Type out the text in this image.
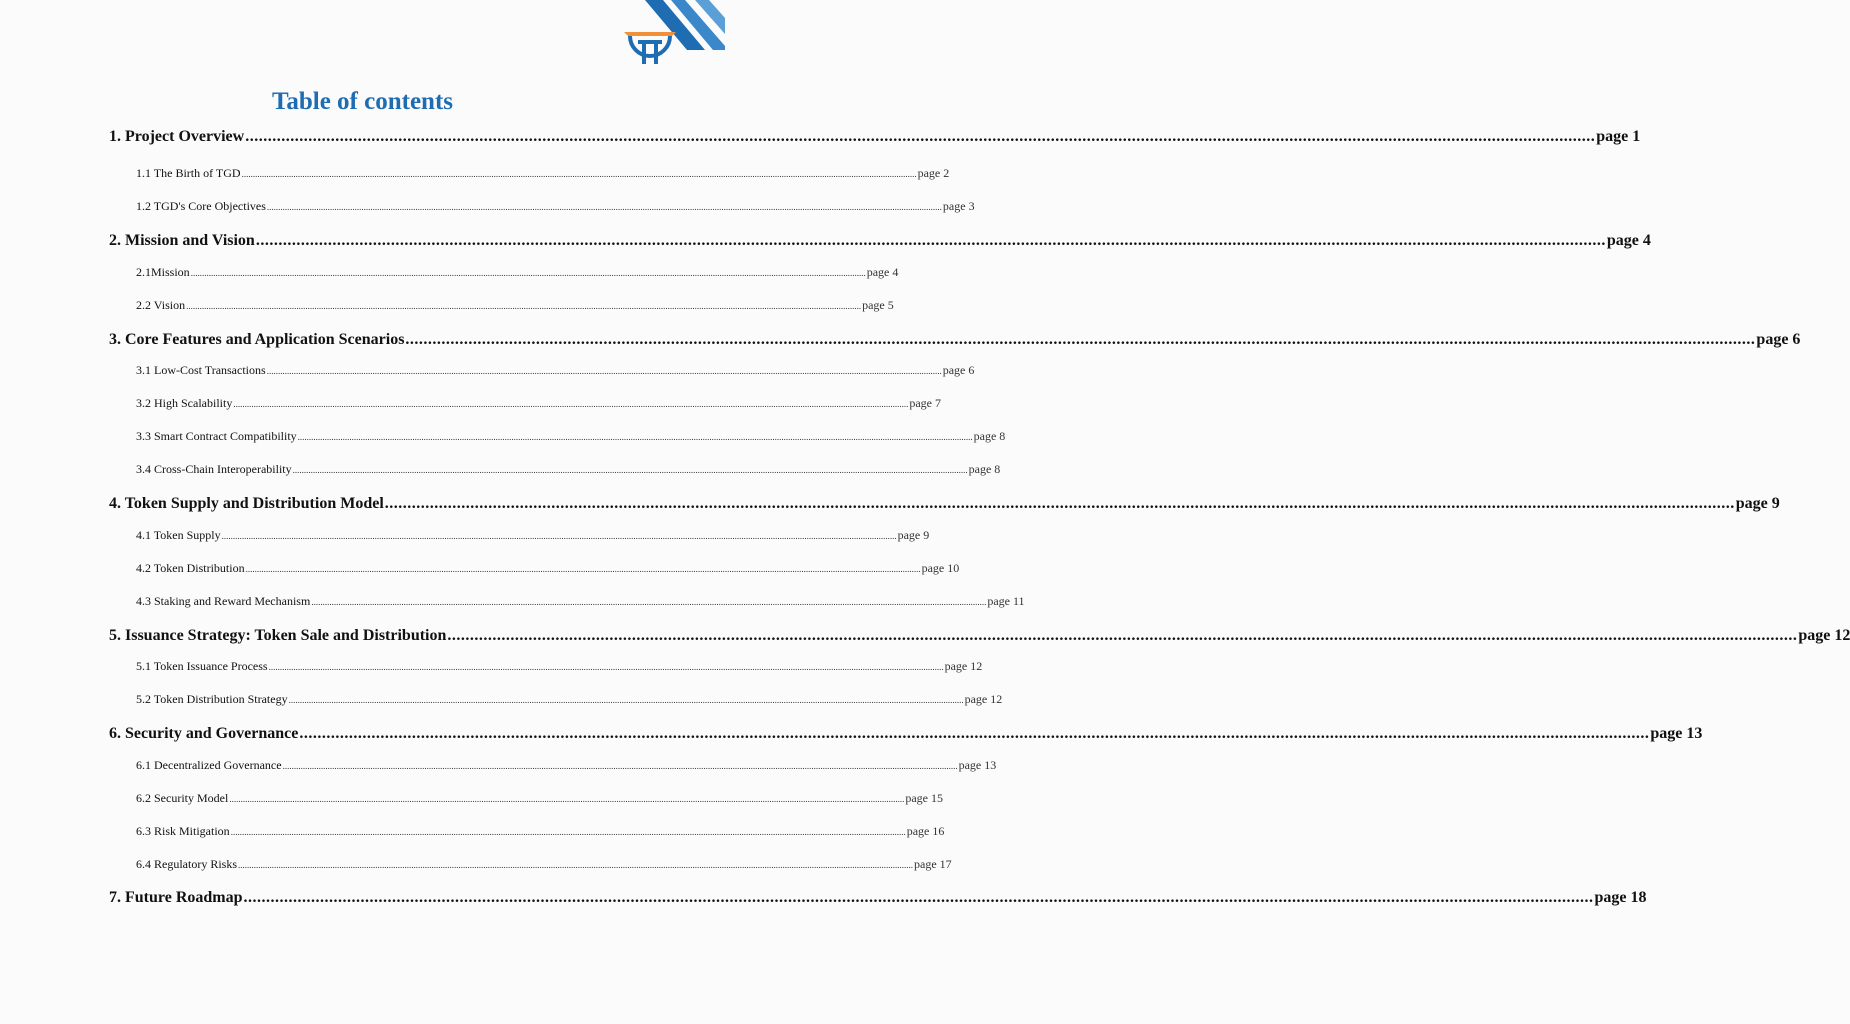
Table of contents
1. Project Overview ............................................................................................................................................................................................................................................................................................................ page 1
1.1 The Birth of TGD ............................................................................................................................................................................................................................................................................................................ page 2
1.2 TGD's Core Objectives ............................................................................................................................................................................................................................................................................................................ page 3
2. Mission and Vision ............................................................................................................................................................................................................................................................................................................ page 4
2.1Mission ............................................................................................................................................................................................................................................................................................................ page 4
2.2 Vision ............................................................................................................................................................................................................................................................................................................ page 5
3. Core Features and Application Scenarios ............................................................................................................................................................................................................................................................................................................ page 6
3.1 Low-Cost Transactions ............................................................................................................................................................................................................................................................................................................ page 6
3.2 High Scalability ............................................................................................................................................................................................................................................................................................................ page 7
3.3 Smart Contract Compatibility ............................................................................................................................................................................................................................................................................................................ page 8
3.4 Cross-Chain Interoperability ............................................................................................................................................................................................................................................................................................................ page 8
4. Token Supply and Distribution Model ............................................................................................................................................................................................................................................................................................................ page 9
4.1 Token Supply ............................................................................................................................................................................................................................................................................................................ page 9
4.2 Token Distribution ............................................................................................................................................................................................................................................................................................................ page 10
4.3 Staking and Reward Mechanism ............................................................................................................................................................................................................................................................................................................ page 11
5. Issuance Strategy: Token Sale and Distribution ............................................................................................................................................................................................................................................................................................................ page 12
5.1 Token Issuance Process ............................................................................................................................................................................................................................................................................................................ page 12
5.2 Token Distribution Strategy ............................................................................................................................................................................................................................................................................................................ page 12
6. Security and Governance ............................................................................................................................................................................................................................................................................................................ page 13
6.1 Decentralized Governance ............................................................................................................................................................................................................................................................................................................ page 13
6.2 Security Model ............................................................................................................................................................................................................................................................................................................ page 15
6.3 Risk Mitigation ............................................................................................................................................................................................................................................................................................................ page 16
6.4 Regulatory Risks ............................................................................................................................................................................................................................................................................................................ page 17
7. Future Roadmap ............................................................................................................................................................................................................................................................................................................ page 18
